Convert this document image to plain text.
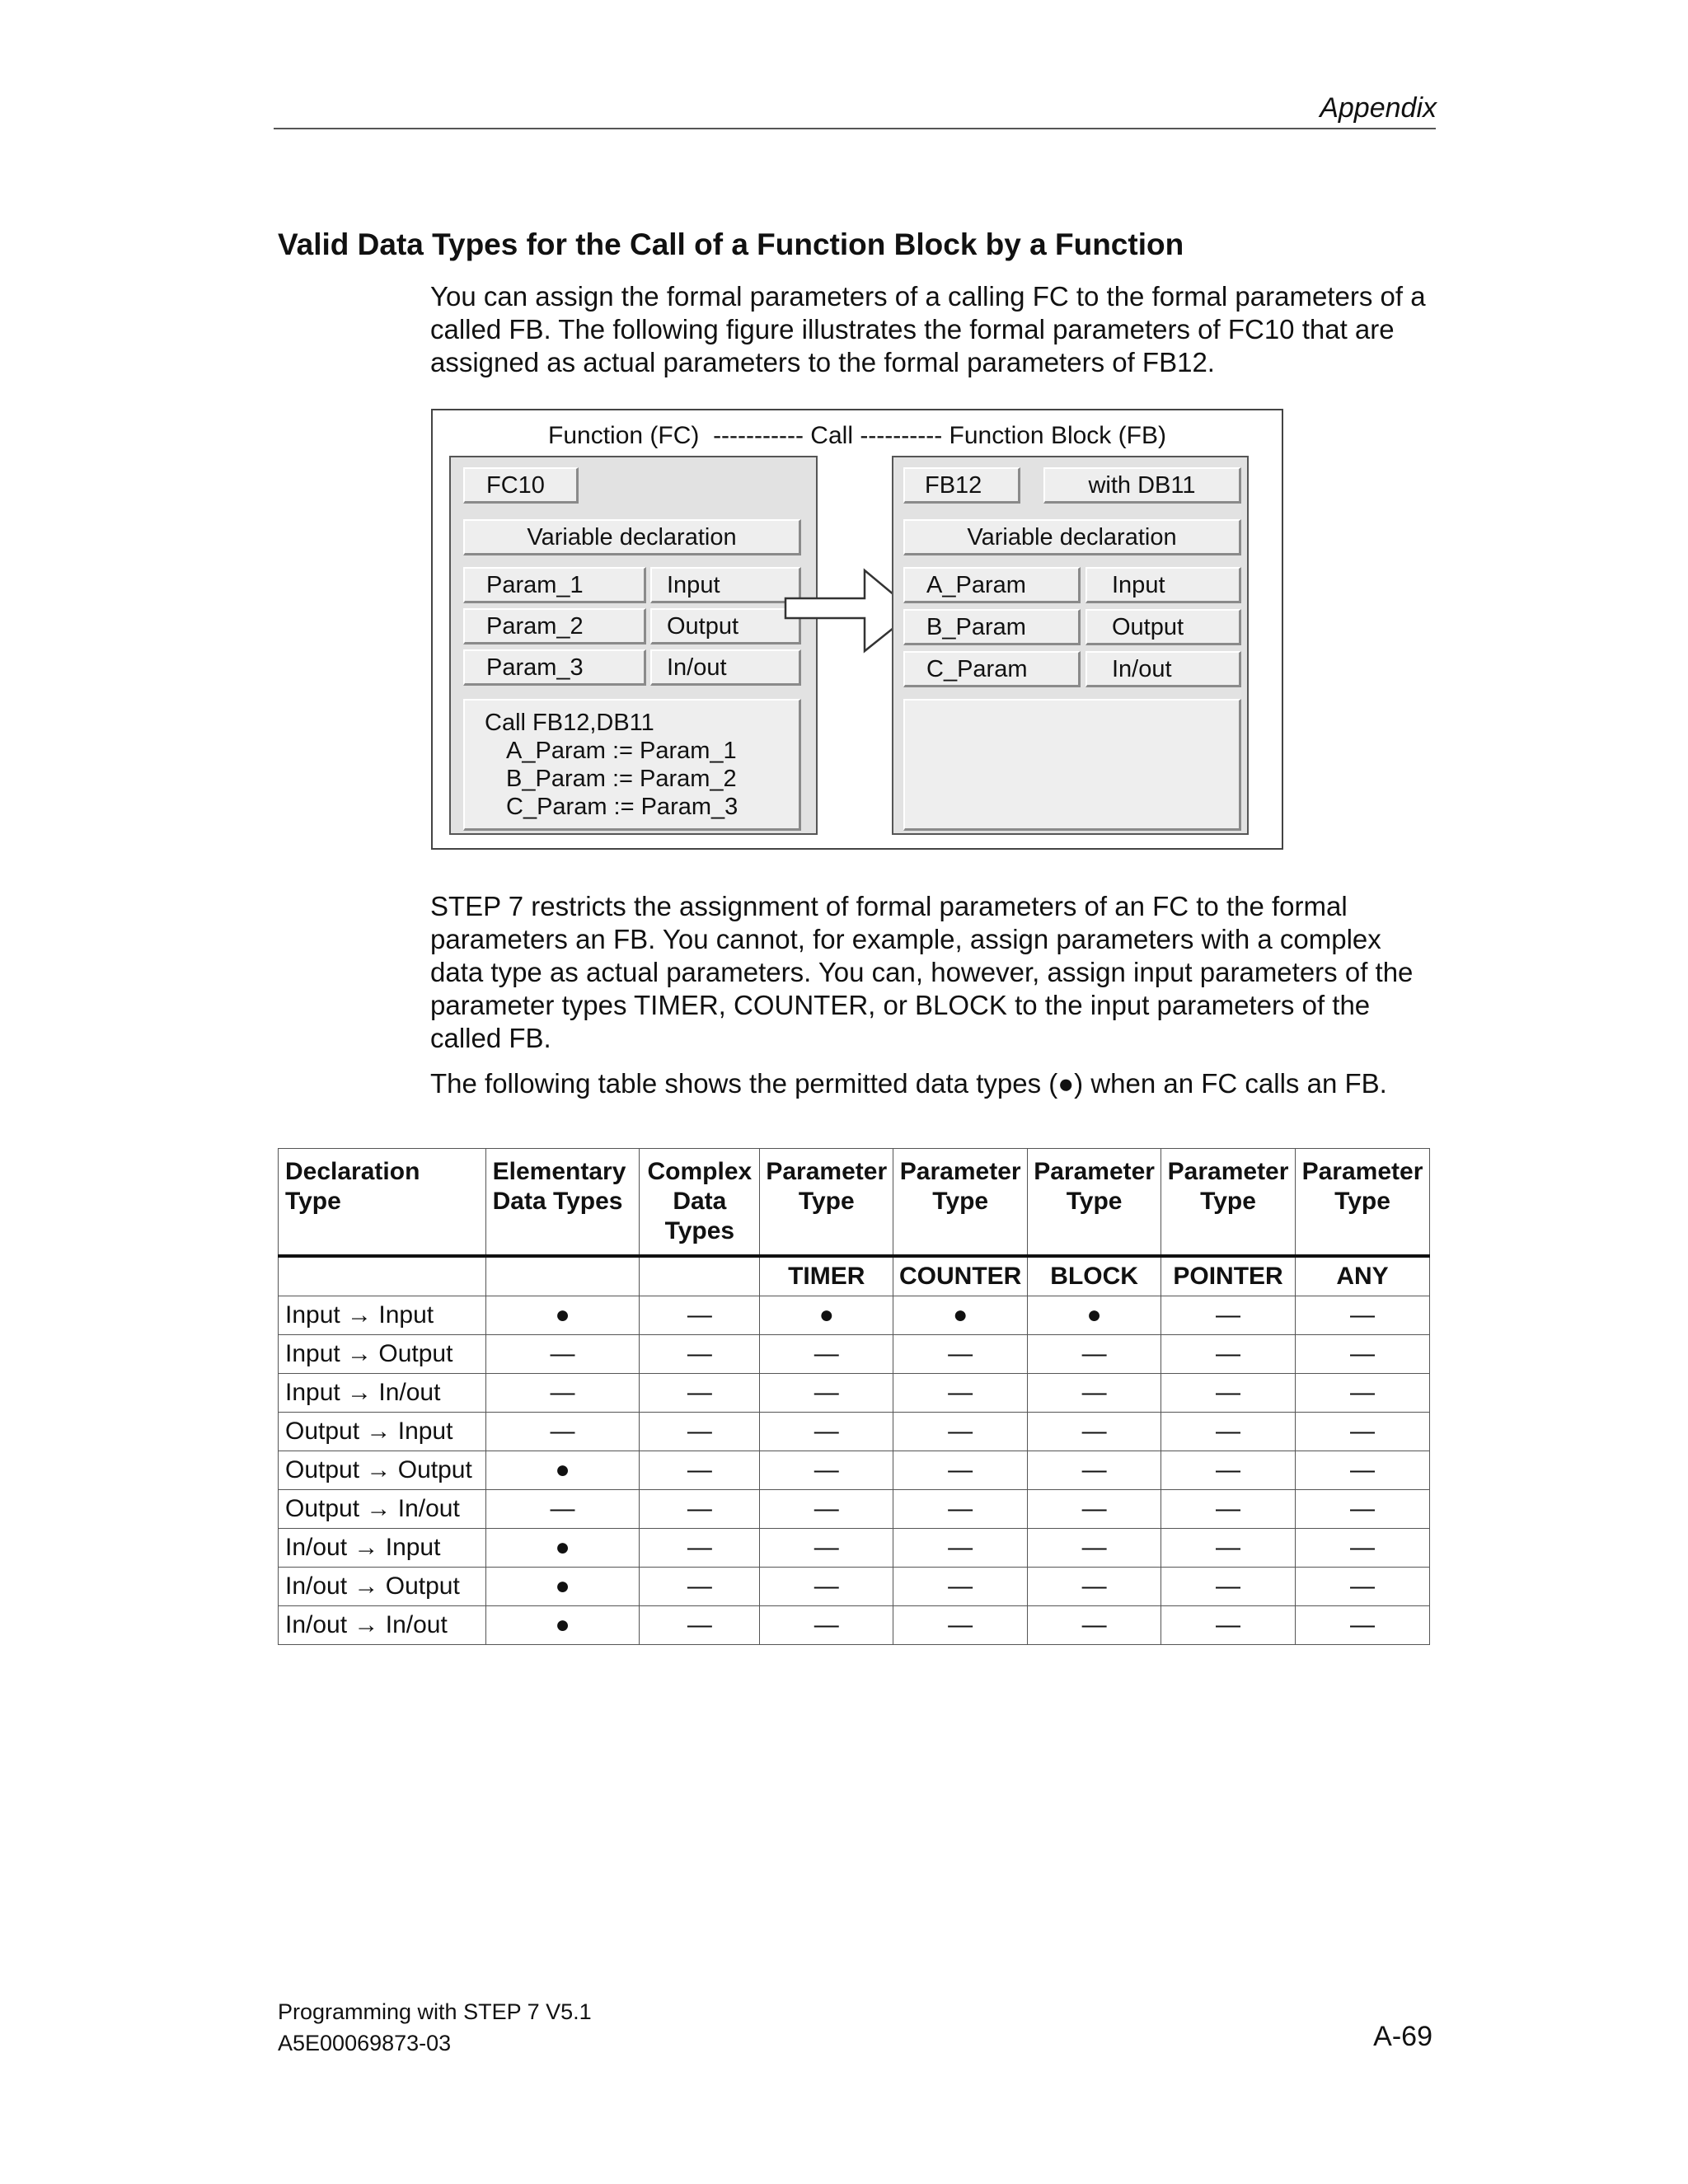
Appendix
Valid Data Types for the Call of a Function Block by a Function

You can assign the formal parameters of a calling FC to the formal parameters of a called FB. The following figure illustrates the formal parameters of FC10 that are assigned as actual parameters to the formal parameters of FB12.

Function (FC)  ----------- Call ---------- Function Block (FB)
FC10
Variable declaration
Param_1	Input
Param_2	Output
Param_3	In/out
Call FB12,DB11
A_Param := Param_1
B_Param := Param_2
C_Param := Param_3
FB12	with DB11
Variable declaration
A_Param	Input
B_Param	Output
C_Param	In/out

STEP 7 restricts the assignment of formal parameters of an FC to the formal parameters an FB. You cannot, for example, assign parameters with a complex data type as actual parameters. You can, however, assign input parameters of the parameter types TIMER, COUNTER, or BLOCK to the input parameters of the called FB.

The following table shows the permitted data types (●) when an FC calls an FB.

Declaration Type	Elementary Data Types	Complex Data Types	Parameter Type	Parameter Type	Parameter Type	Parameter Type	Parameter Type
			TIMER	COUNTER	BLOCK	POINTER	ANY
Input → Input	●	—	●	●	●	—	—
Input → Output	—	—	—	—	—	—	—
Input → In/out	—	—	—	—	—	—	—
Output → Input	—	—	—	—	—	—	—
Output → Output	●	—	—	—	—	—	—
Output → In/out	—	—	—	—	—	—	—
In/out → Input	●	—	—	—	—	—	—
In/out → Output	●	—	—	—	—	—	—
In/out → In/out	●	—	—	—	—	—	—
Programming with STEP 7 V5.1
A5E00069873-03	A-69
